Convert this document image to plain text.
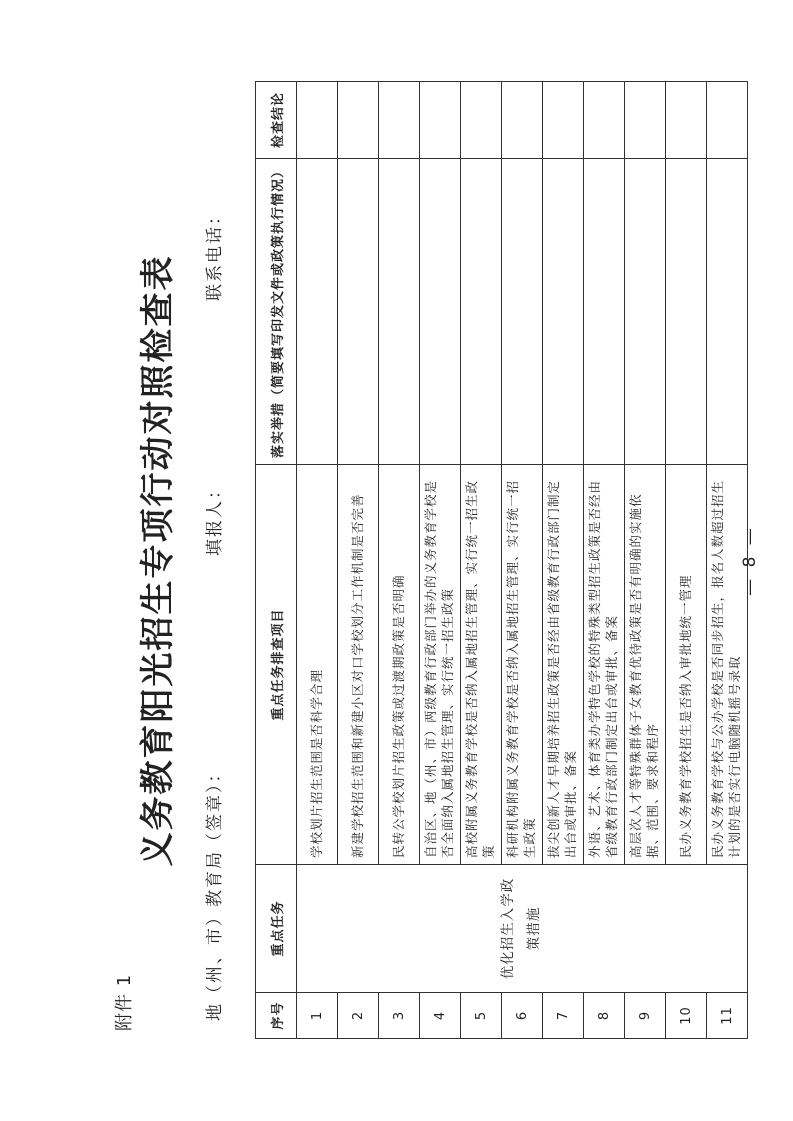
附件 1
义务教育阳光招生专项行动对照检查表
地（州、市）教育局（签章）：
填报人：
联系电话：
序号	重点任务	重点任务排查项目	落实举措（简要填写印发文件或政策执行情况）	检查结论
1	优化招生入学政策措施	学校划片招生范围是否科学合理		
2		新建学校招生范围和新建小区对口学校划分工作机制是否完善		
3		民转公学校划片招生政策或过渡期政策是否明确		
4		自治区、地（州、市）两级教育行政部门举办的义务教育学校是否全面纳入属地招生管理、实行统一招生政策		
5		高校附属义务教育学校是否纳入属地招生管理、实行统一招生政策		
6		科研机构附属义务教育学校是否纳入属地招生管理、实行统一招生政策		
7		拔尖创新人才早期培养招生政策是否经由省级教育行政部门制定出台或审批、备案		
8		外语、艺术、体育类办学特色学校的特殊类型招生政策是否经由省级教育行政部门制定出台或审批、备案		
9		高层次人才等特殊群体子女教育优待政策是否有明确的实施依据、范围、要求和程序		
10		民办义务教育学校招生是否纳入审批地统一管理		
11		民办义务教育学校与公办学校是否同步招生，报名人数超过招生计划的是否实行电脑随机摇号录取		
— 8 —
